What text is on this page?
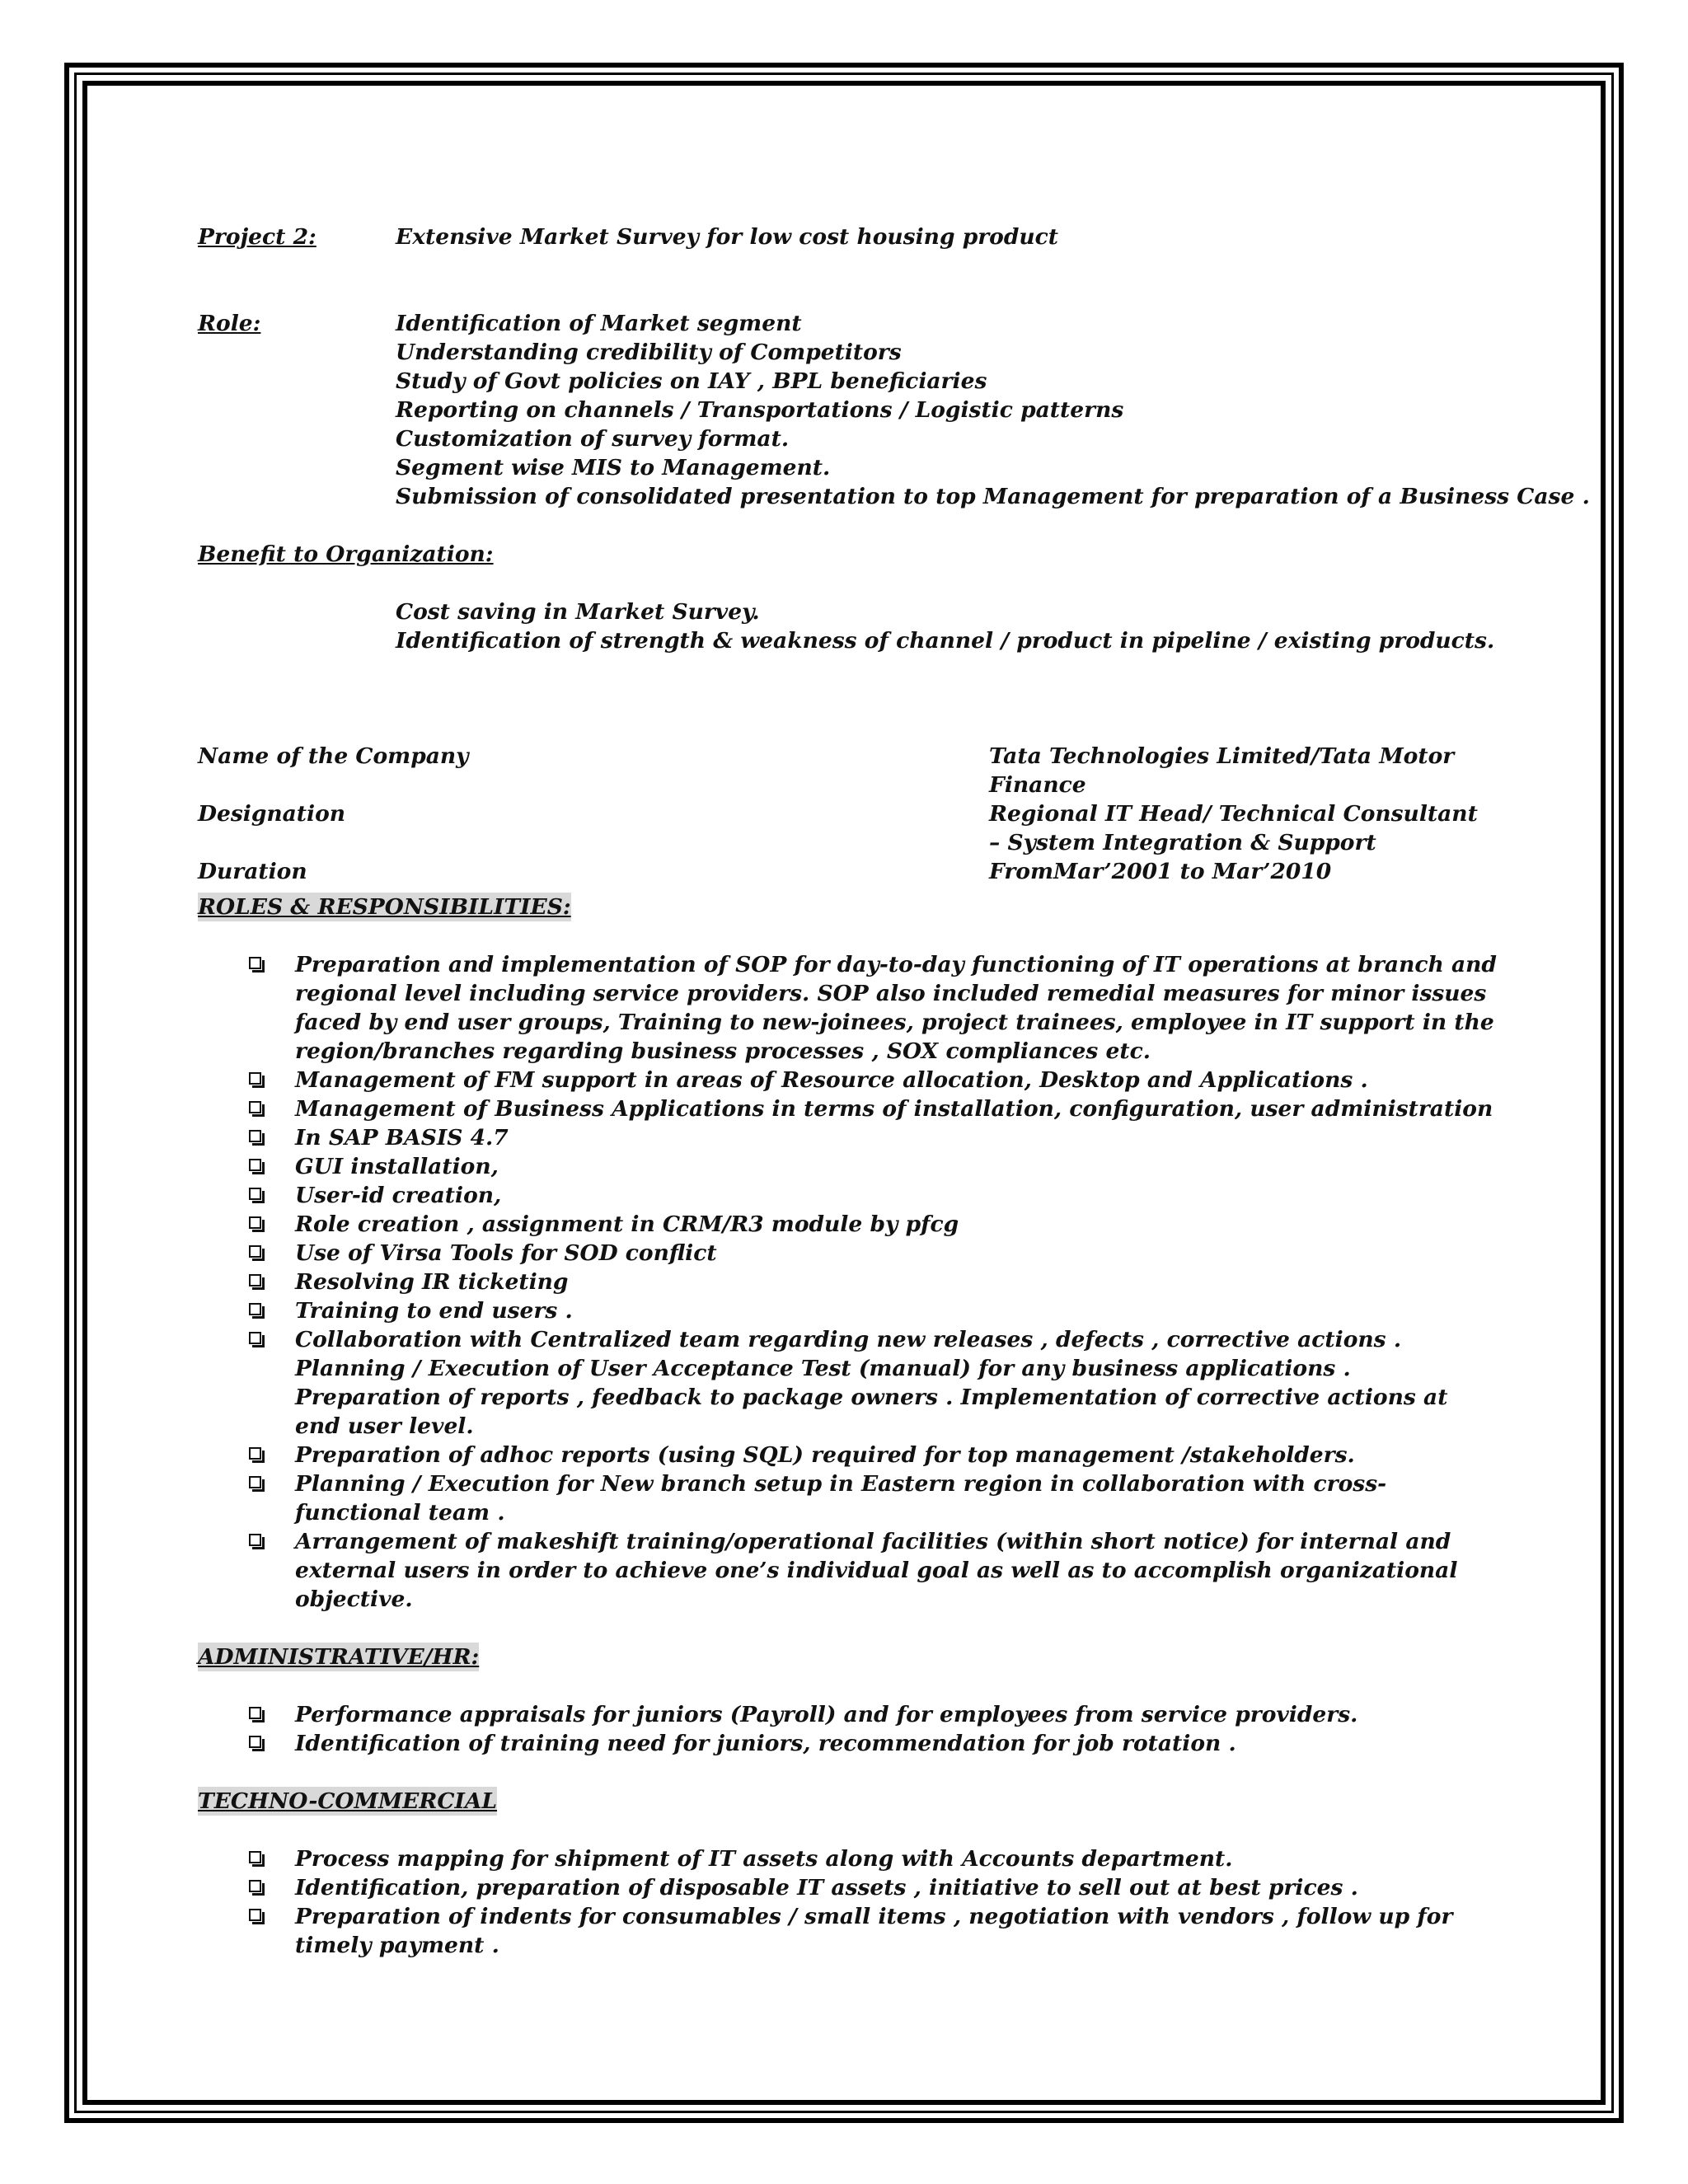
Project 2:	Extensive Market Survey for low cost housing product
Role:	Identification of Market segment
Understanding credibility of Competitors
Study of Govt policies on IAY , BPL beneficiaries
Reporting on channels / Transportations / Logistic patterns
Customization of survey format.
Segment wise MIS to Management.
Submission of consolidated presentation to top Management for preparation of a Business Case .
Benefit to Organization:
Cost saving in Market Survey.
Identification of strength & weakness of channel / product in pipeline / existing products.
Name of the Company	Tata Technologies Limited/Tata Motor Finance
Designation	Regional IT Head/ Technical Consultant – System Integration & Support
Duration	FromMar’2001 to Mar’2010
ROLES & RESPONSIBILITIES:
Preparation and implementation of SOP for day-to-day functioning of IT operations at branch and regional level including service providers. SOP also included remedial measures for minor issues faced by end user groups, Training to new-joinees, project trainees, employee in IT support in the region/branches regarding business processes , SOX compliances etc.
Management of FM support in areas of Resource allocation, Desktop and Applications .
Management of Business Applications in terms of installation, configuration, user administration
In SAP BASIS 4.7
GUI installation,
User-id creation,
Role creation , assignment in CRM/R3 module by pfcg
Use of Virsa Tools for SOD conflict
Resolving IR ticketing
Training to end users .
Collaboration with Centralized team regarding new releases , defects , corrective actions . Planning / Execution of User Acceptance Test (manual) for any business applications . Preparation of reports , feedback to package owners . Implementation of corrective actions at end user level.
Preparation of adhoc reports (using SQL) required for top management /stakeholders.
Planning / Execution for New branch setup in Eastern region in collaboration with cross-functional team .
Arrangement of makeshift training/operational facilities (within short notice) for internal and external users in order to achieve one’s individual goal as well as to accomplish organizational objective.
ADMINISTRATIVE/HR:
Performance appraisals for juniors (Payroll) and for employees from service providers.
Identification of training need for juniors, recommendation for job rotation .
TECHNO-COMMERCIAL
Process mapping for shipment of IT assets along with Accounts department.
Identification, preparation of disposable IT assets , initiative to sell out at best prices .
Preparation of indents for consumables / small items , negotiation with vendors , follow up for timely payment .
